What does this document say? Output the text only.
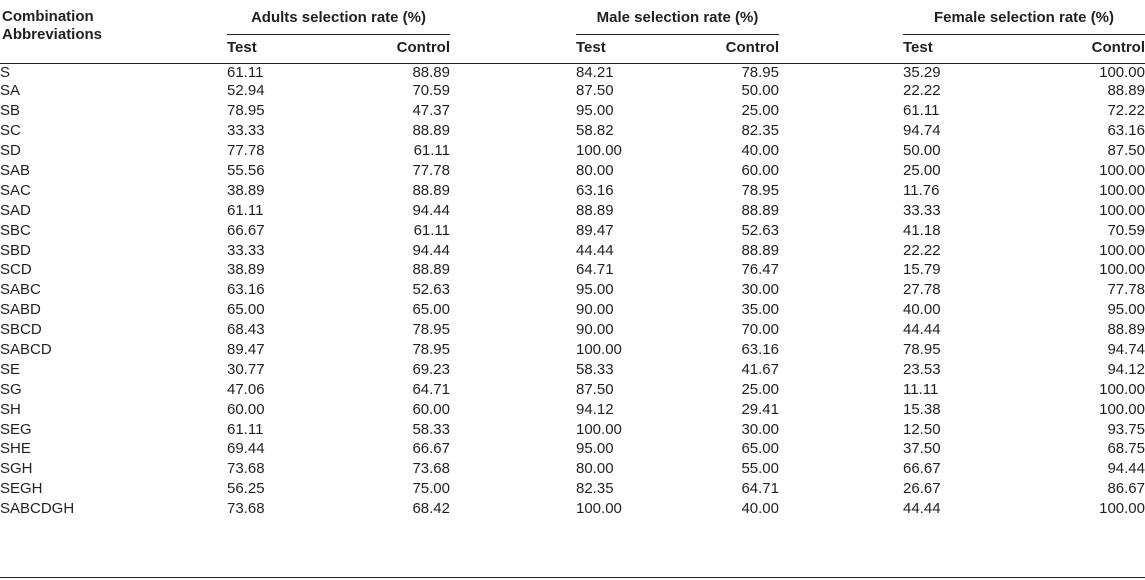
Combination
Abbreviations	Adults selection rate (%)			Male selection rate (%)			Female selection rate (%)	
	Test	Control		Test	Control		Test	Control
S	61.11	88.89		84.21	78.95		35.29	100.00
SA	52.94	70.59		87.50	50.00		22.22	88.89
SB	78.95	47.37		95.00	25.00		61.11	72.22
SC	33.33	88.89		58.82	82.35		94.74	63.16
SD	77.78	61.11		100.00	40.00		50.00	87.50
SAB	55.56	77.78		80.00	60.00		25.00	100.00
SAC	38.89	88.89		63.16	78.95		11.76	100.00
SAD	61.11	94.44		88.89	88.89		33.33	100.00
SBC	66.67	61.11		89.47	52.63		41.18	70.59
SBD	33.33	94.44		44.44	88.89		22.22	100.00
SCD	38.89	88.89		64.71	76.47		15.79	100.00
SABC	63.16	52.63		95.00	30.00		27.78	77.78
SABD	65.00	65.00		90.00	35.00		40.00	95.00
SBCD	68.43	78.95		90.00	70.00		44.44	88.89
SABCD	89.47	78.95		100.00	63.16		78.95	94.74
SE	30.77	69.23		58.33	41.67		23.53	94.12
SG	47.06	64.71		87.50	25.00		11.11	100.00
SH	60.00	60.00		94.12	29.41		15.38	100.00
SEG	61.11	58.33		100.00	30.00		12.50	93.75
SHE	69.44	66.67		95.00	65.00		37.50	68.75
SGH	73.68	73.68		80.00	55.00		66.67	94.44
SEGH	56.25	75.00		82.35	64.71		26.67	86.67
SABCDGH	73.68	68.42		100.00	40.00		44.44	100.00
